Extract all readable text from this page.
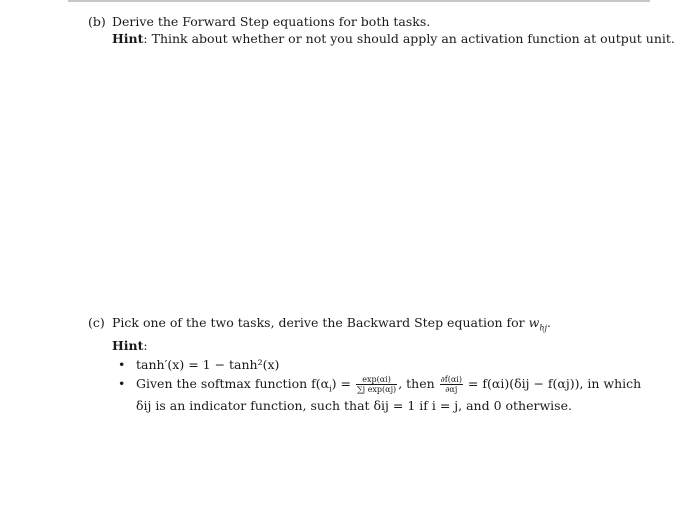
(b) Derive the Forward Step equations for both tasks.
Hint: Think about whether or not you should apply an activation function at output unit.
(c) Pick one of the two tasks, derive the Backward Step equation for $w_{hj}$.
Hint:
• tanh′(x) = 1 − tanh²(x)
• Given the softmax function $f(\alpha_i) = \frac{\exp(\alpha i)}{\text{∑j exp(αj)}}$ , then $\frac{\partial f(\alpha i)}{\partial\alpha j} = f(\alpha i)(\delta ij - f(\alpha j))$, in which
δij is an indicator function, such that δij = 1 if i = j, and 0 otherwise.
